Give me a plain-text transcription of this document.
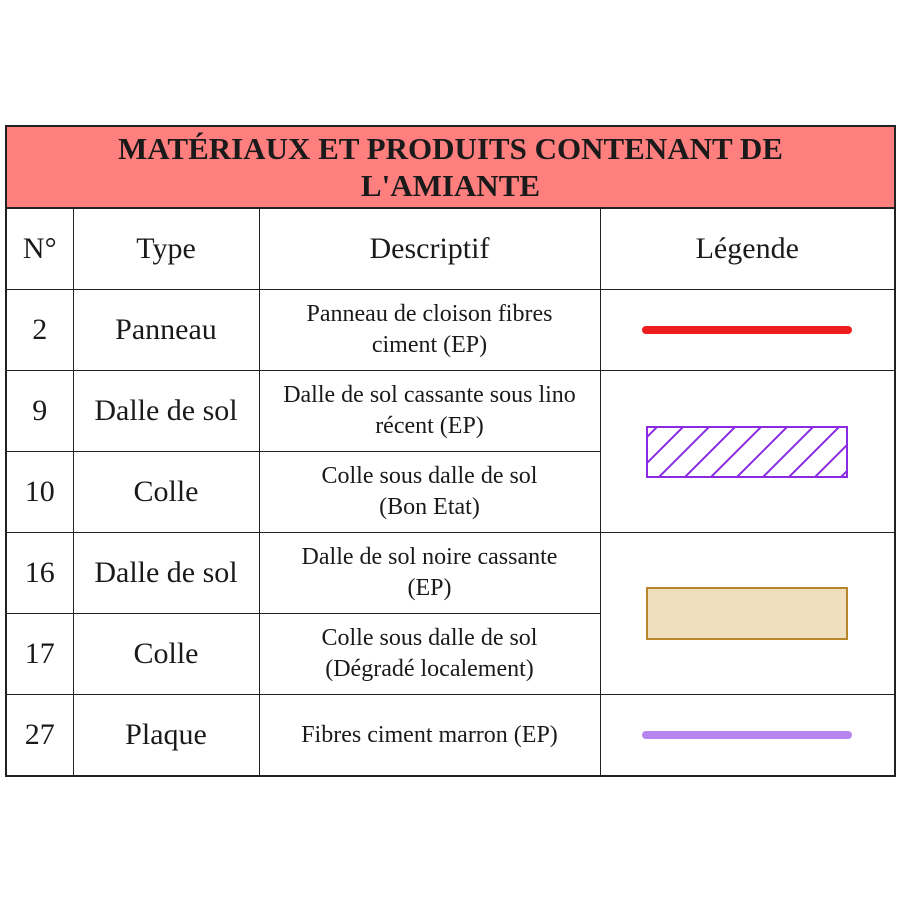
MATÉRIAUX ET PRODUITS CONTENANT DE L'AMIANTE
N°	Type	Descriptif	Légende
2	Panneau	Panneau de cloison fibres
ciment (EP)	

9	Dalle de sol	Dalle de sol cassante sous lino
récent (EP)	

10	Colle	Colle sous dalle de sol
(Bon Etat)	
16	Dalle de sol	Dalle de sol noire cassante
(EP)	

17	Colle	Colle sous dalle de sol
(Dégradé localement)	
27	Plaque	Fibres ciment marron (EP)	
